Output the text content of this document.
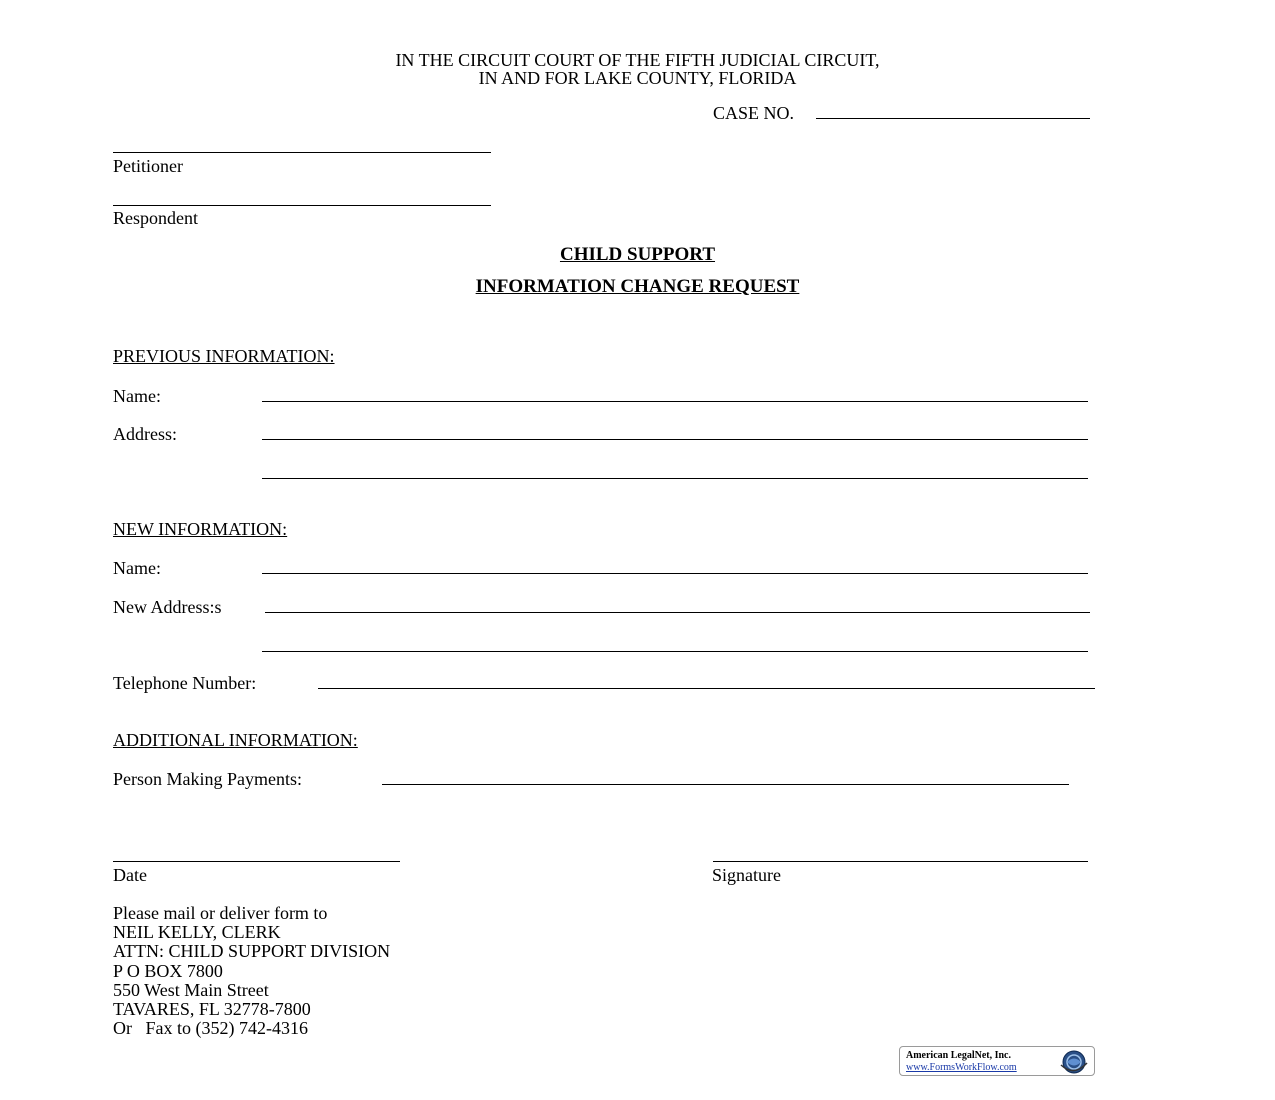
IN THE CIRCUIT COURT OF THE FIFTH JUDICIAL CIRCUIT,
IN AND FOR LAKE COUNTY, FLORIDA
CASE NO.
Petitioner
Respondent
CHILD SUPPORT
INFORMATION CHANGE REQUEST
PREVIOUS INFORMATION:
Name:
Address:
NEW INFORMATION:
Name:
New Address:s
Telephone Number:
ADDITIONAL INFORMATION:
Person Making Payments:
Date	Signature
Please mail or deliver form to
NEIL KELLY, CLERK
ATTN: CHILD SUPPORT DIVISION
P O BOX 7800
550 West Main Street
TAVARES, FL 32778-7800
Or   Fax to (352) 742-4316
American LegalNet, Inc.
www.FormsWorkFlow.com
